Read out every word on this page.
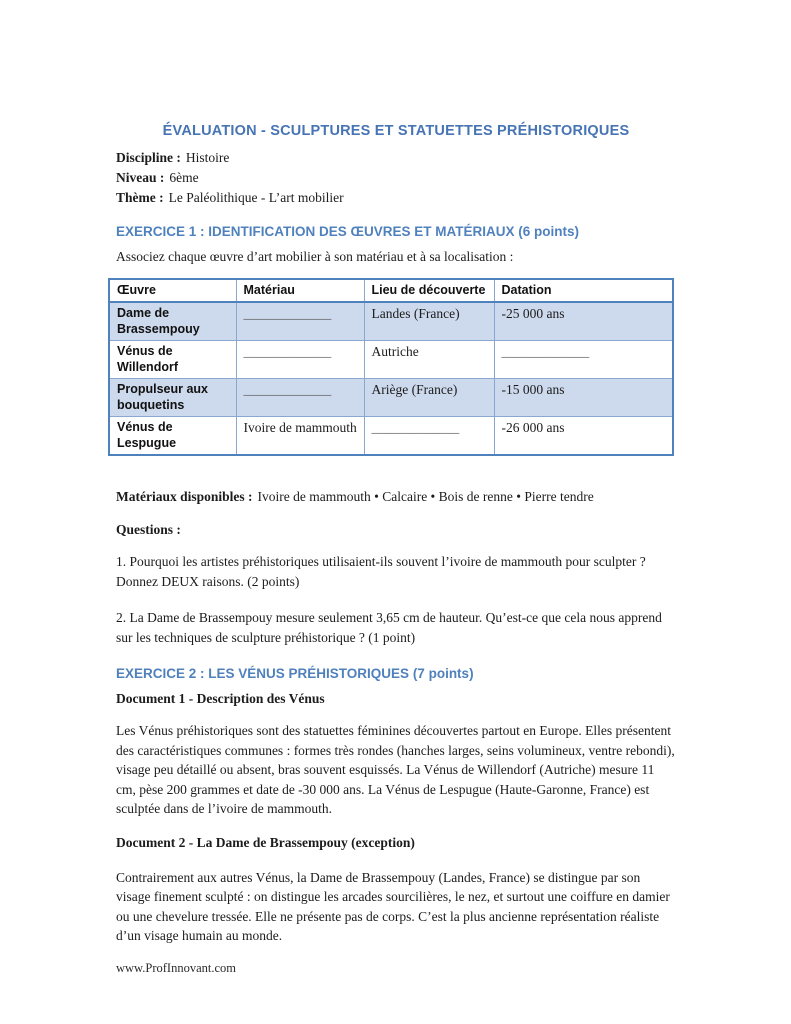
ÉVALUATION - SCULPTURES ET STATUETTES PRÉHISTORIQUES
Discipline : Histoire
Niveau : 6ème
Thème : Le Paléolithique - L’art mobilier
EXERCICE 1 : IDENTIFICATION DES ŒUVRES ET MATÉRIAUX (6 points)

Associez chaque œuvre d’art mobilier à son matériau et à sa localisation :

Œuvre	Matériau	Lieu de découverte	Datation
Dame de Brassempouy	_____________	Landes (France)	-25 000 ans
Vénus de Willendorf	_____________	Autriche	_____________
Propulseur aux bouquetins	_____________	Ariège (France)	-15 000 ans
Vénus de Lespugue	Ivoire de mammouth	_____________	-26 000 ans

Matériaux disponibles : Ivoire de mammouth • Calcaire • Bois de renne • Pierre tendre

Questions :

1. Pourquoi les artistes préhistoriques utilisaient-ils souvent l’ivoire de mammouth pour sculpter ? Donnez DEUX raisons. (2 points)

2. La Dame de Brassempouy mesure seulement 3,65 cm de hauteur. Qu’est-ce que cela nous apprend sur les techniques de sculpture préhistorique ? (1 point)

EXERCICE 2 : LES VÉNUS PRÉHISTORIQUES (7 points)
Document 1 - Description des Vénus

Les Vénus préhistoriques sont des statuettes féminines découvertes partout en Europe. Elles présentent des caractéristiques communes : formes très rondes (hanches larges, seins volumineux, ventre rebondi), visage peu détaillé ou absent, bras souvent esquissés. La Vénus de Willendorf (Autriche) mesure 11 cm, pèse 200 grammes et date de -30 000 ans. La Vénus de Lespugue (Haute-Garonne, France) est sculptée dans de l’ivoire de mammouth.

Document 2 - La Dame de Brassempouy (exception)

Contrairement aux autres Vénus, la Dame de Brassempouy (Landes, France) se distingue par son visage finement sculpté : on distingue les arcades sourcilières, le nez, et surtout une coiffure en damier ou une chevelure tressée. Elle ne présente pas de corps. C’est la plus ancienne représentation réaliste d’un visage humain au monde.

www.ProfInnovant.com
